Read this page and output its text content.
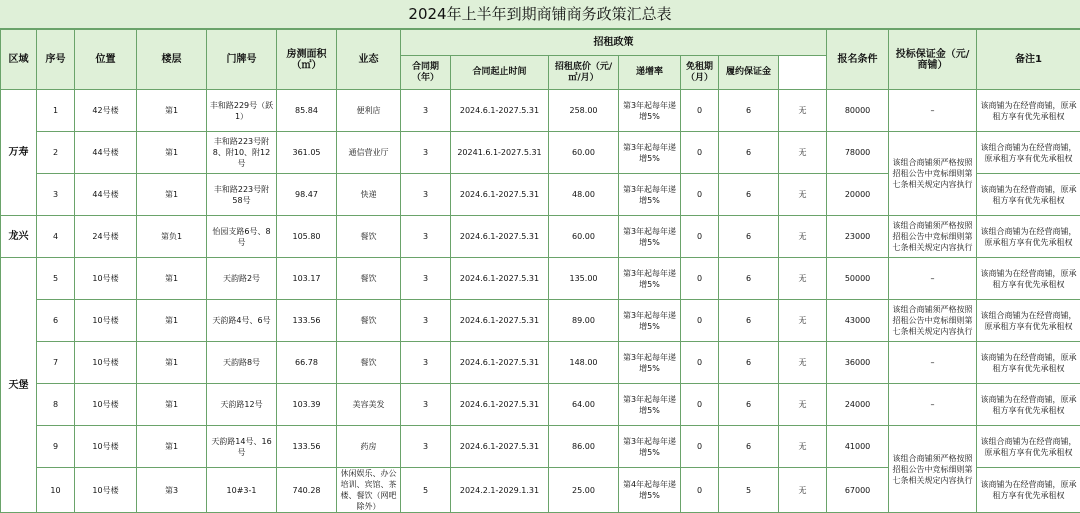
2024年上半年到期商铺商务政策汇总表
区域	序号	位置	楼层	门牌号	房测面积（㎡）	业态	招租政策							报名条件	投标保证金（元/商铺）	备注1	
							合同期（年）	合同起止时间	招租底价（元/㎡/月）	递增率	免租期（月）	履约保证金					
万寿	1	42号楼	第1	丰和路229号（跃1）	85.84	便利店	3	2024.6.1-2027.5.31	258.00	第3年起每年递增5%	0	6	无	80000	–	该商铺为在经营商铺，原承租方享有优先承租权	
	2	44号楼	第1	丰和路223号附8、附10、附12号	361.05	通信营业厅	3	20241.6.1-2027.5.31	60.00	第3年起每年递增5%	0	6	无	78000	该组合商铺须严格按照招租公告中竞标细则第七条相关规定内容执行	该组合商铺为在经营商铺，原承租方享有优先承租权	
	3	44号楼	第1	丰和路223号附58号	98.47	快递	3	2024.6.1-2027.5.31	48.00	第3年起每年递增5%	0	6	无	20000		该商铺为在经营商铺，原承租方享有优先承租权	
龙兴	4	24号楼	第负1	怡园支路6号、8号	105.80	餐饮	3	2024.6.1-2027.5.31	60.00	第3年起每年递增5%	0	6	无	23000	该组合商铺须严格按照招租公告中竞标细则第七条相关规定内容执行	该组合商铺为在经营商铺，原承租方享有优先承租权	
天堡	5	10号楼	第1	天韵路2号	103.17	餐饮	3	2024.6.1-2027.5.31	135.00	第3年起每年递增5%	0	6	无	50000	–	该商铺为在经营商铺，原承租方享有优先承租权	
	6	10号楼	第1	天韵路4号、6号	133.56	餐饮	3	2024.6.1-2027.5.31	89.00	第3年起每年递增5%	0	6	无	43000	该组合商铺须严格按照招租公告中竞标细则第七条相关规定内容执行	该组合商铺为在经营商铺，原承租方享有优先承租权	
	7	10号楼	第1	天韵路8号	66.78	餐饮	3	2024.6.1-2027.5.31	148.00	第3年起每年递增5%	0	6	无	36000	–	该商铺为在经营商铺，原承租方享有优先承租权	
	8	10号楼	第1	天韵路12号	103.39	美容美发	3	2024.6.1-2027.5.31	64.00	第3年起每年递增5%	0	6	无	24000	–	该商铺为在经营商铺，原承租方享有优先承租权	
	9	10号楼	第1	天韵路14号、16号	133.56	药房	3	2024.6.1-2027.5.31	86.00	第3年起每年递增5%	0	6	无	41000	该组合商铺须严格按照招租公告中竞标细则第七条相关规定内容执行	该组合商铺为在经营商铺，原承租方享有优先承租权	
	10	10号楼	第3	10#3-1	740.28	休闲娱乐、办公培训、宾馆、茶楼、餐饮（网吧除外）	5	2024.2.1-2029.1.31	25.00	第4年起每年递增5%	0	5	无	67000		该商铺为在经营商铺，原承租方享有优先承租权	
